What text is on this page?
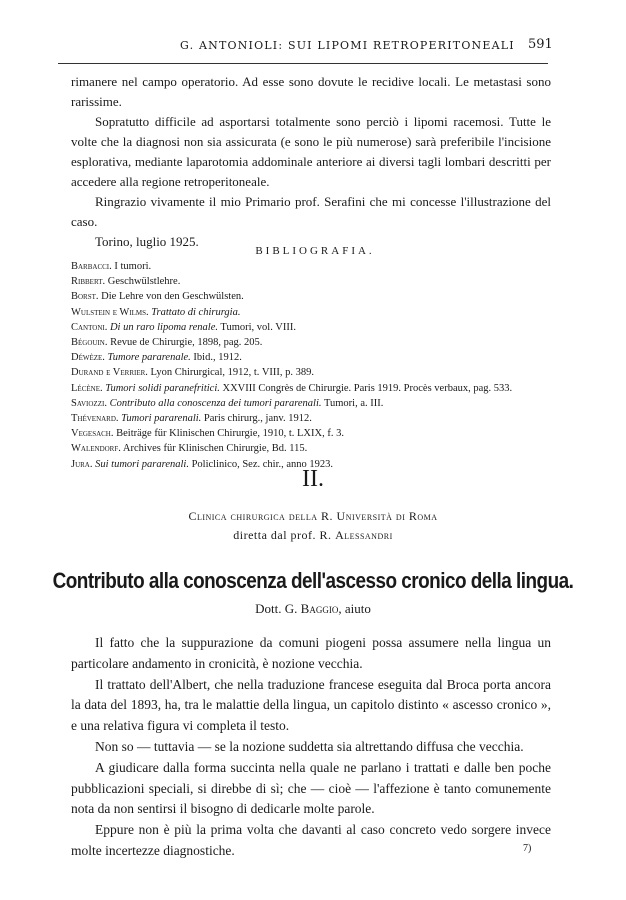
G. ANTONIOLI: SUI LIPOMI RETROPERITONEALI 591

rimanere nel campo operatorio. Ad esse sono dovute le recidive locali. Le metastasi sono rarissime.

Sopratutto difficile ad asportarsi totalmente sono perciò i lipomi racemosi. Tutte le volte che la diagnosi non sia assicurata (e sono le più numerose) sarà preferibile l'incisione esplorativa, mediante laparotomia addominale anteriore ai diversi tagli lombari descritti per accedere alla regione retroperitoneale.

Ringrazio vivamente il mio Primario prof. Serafini che mi concesse l'illustrazione del caso.

Torino, luglio 1925.

BIBLIOGRAFIA.

Barbacci. I tumori.

Ribbert. Geschwülstlehre.

Borst. Die Lehre von den Geschwülsten.

Wulstein e Wilms. Trattato di chirurgia.

Cantoni. Di un raro lipoma renale. Tumori, vol. VIII.

Bégouin. Revue de Chirurgie, 1898, pag. 205.

Déwèze. Tumore pararenale. Ibid., 1912.

Durand e Verrier. Lyon Chirurgical, 1912, t. VIII, p. 389.

Lécène. Tumori solidi paranefritici. XXVIII Congrès de Chirurgie. Paris 1919. Procès verbaux, pag. 533.

Saviozzi. Contributo alla conoscenza dei tumori pararenali. Tumori, a. III.

Thévenard. Tumori pararenali. Paris chirurg., janv. 1912.

Vegesach. Beiträge für Klinischen Chirurgie, 1910, t. LXIX, f. 3.

Walendorf. Archives für Klinischen Chirurgie, Bd. 115.

Jura. Sui tumori pararenali. Policlinico, Sez. chir., anno 1923.

II.
Clinica chirurgica della R. Università di Roma
diretta dal prof. R. Alessandri
Contributo alla conoscenza dell'ascesso cronico della lingua.
Dott. G. Baggio, aiuto

Il fatto che la suppurazione da comuni piogeni possa assumere nella lingua un particolare andamento in cronicità, è nozione vecchia.

Il trattato dell'Albert, che nella traduzione francese eseguita dal Broca porta ancora la data del 1893, ha, tra le malattie della lingua, un capitolo distinto « ascesso cronico », e una relativa figura vi completa il testo.

Non so — tuttavia — se la nozione suddetta sia altrettando diffusa che vecchia.

A giudicare dalla forma succinta nella quale ne parlano i trattati e dalle ben poche pubblicazioni speciali, si direbbe di sì; che — cioè — l'affezione è tanto comunemente nota da non sentirsi il bisogno di dedicarle molte parole.

Eppure non è più la prima volta che davanti al caso concreto vedo sorgere invece molte incertezze diagnostiche.	7)
